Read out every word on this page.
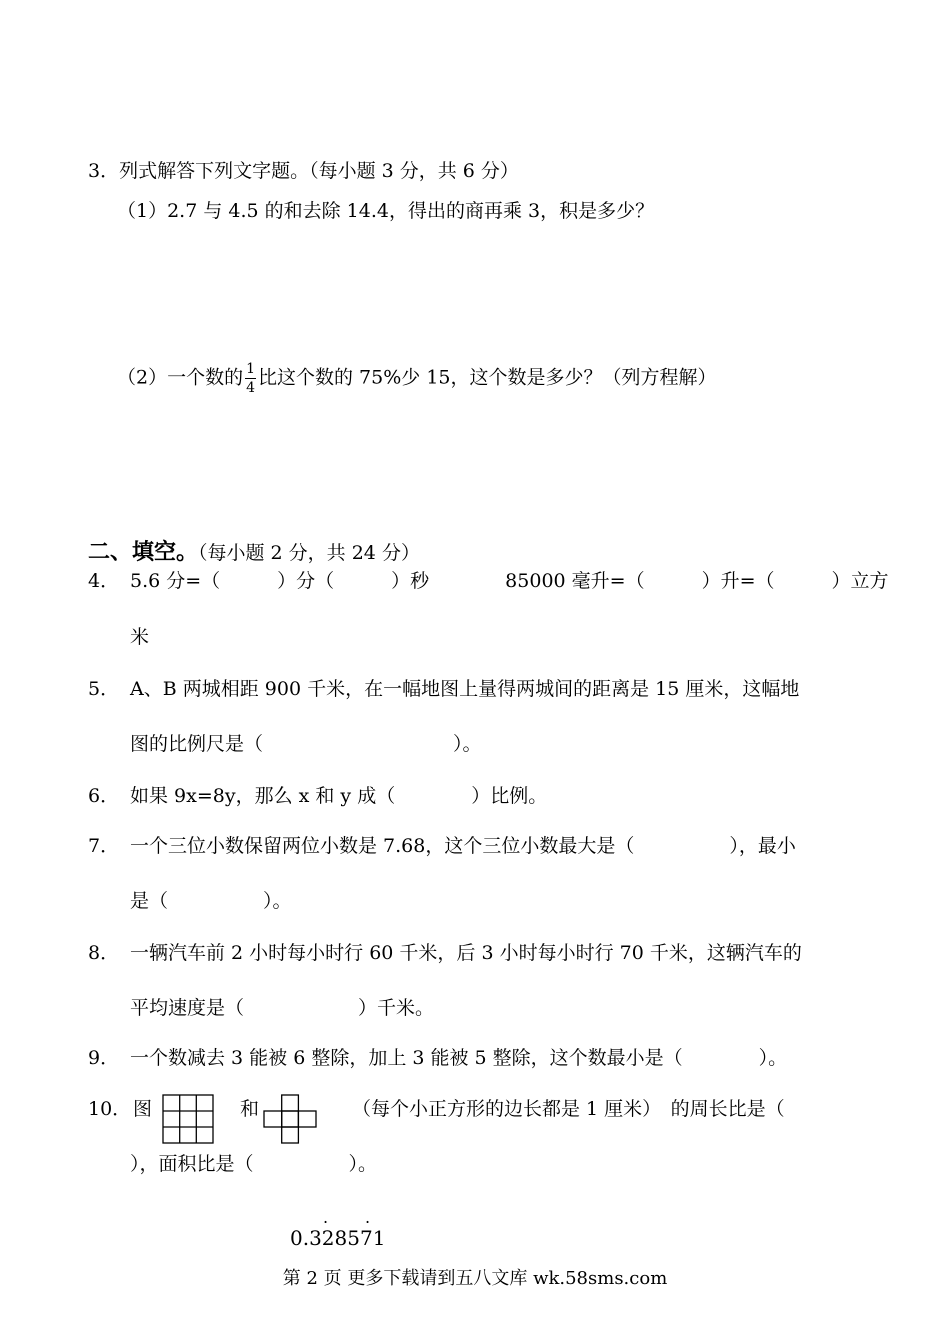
3．列式解答下列文字题。（每小题 3 分，共 6 分）
（1）2.7 与 4.5 的和去除 14.4，得出的商再乘 3，积是多少？
（2）一个数的 $\frac{1}{4}$ 比这个数的 75%少 15，这个数是多少？（列方程解）
二、填空。（每小题 2 分，共 24 分）
4． 5.6 分=（　　　）分（　　　）秒　　　　85000 毫升=（　　　）升=（　　　）立方
米
5． A、B 两城相距 900 千米，在一幅地图上量得两城间的距离是 15 厘米，这幅地
图的比例尺是（　　　　　　　　　　）。
6． 如果 9x=8y，那么 x 和 y 成（　　　　）比例。
7． 一个三位小数保留两位小数是 7.68，这个三位小数最大是（　　　　　），最小
是（　　　　　）。
8． 一辆汽车前 2 小时每小时行 60 千米，后 3 小时每小时行 70 千米，这辆汽车的
平均速度是（　　　　　　）千米。
9． 一个数减去 3 能被 6 整除，加上 3 能被 5 整除，这个数最小是（　　　　）。
10． 图	和	（每个小正方形的边长都是 1 厘米）　的周长比是（
），面积比是（　　　　　）。
. .
0.328571
第 2 页 更多下载请到五八文库 wk.58sms.com
